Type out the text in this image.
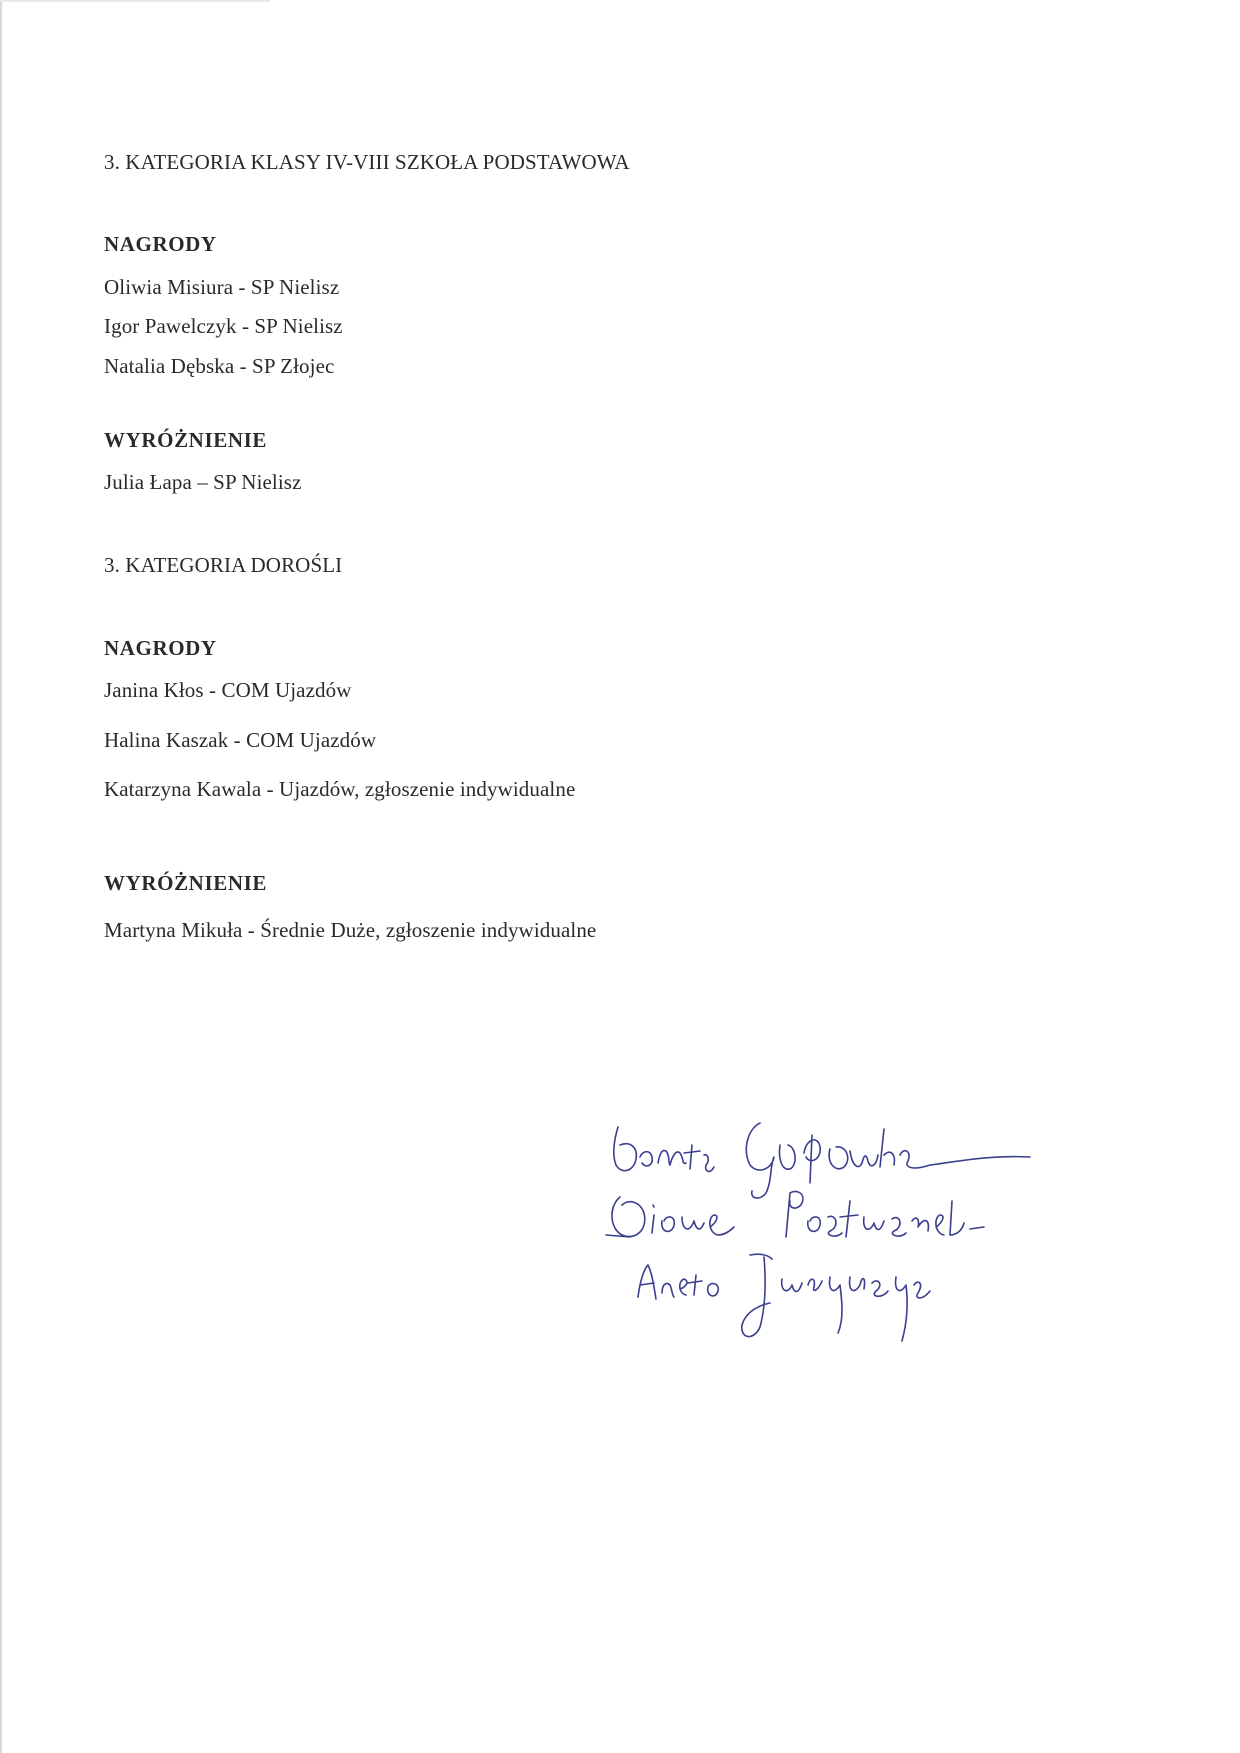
3. KATEGORIA KLASY IV-VIII SZKOŁA PODSTAWOWA
NAGRODY
Oliwia Misiura - SP Nielisz
Igor Pawelczyk - SP Nielisz
Natalia Dębska - SP Złojec
WYRÓŻNIENIE
Julia Łapa – SP Nielisz
3. KATEGORIA DOROŚLI
NAGRODY
Janina Kłos - COM Ujazdów
Halina Kaszak - COM Ujazdów
Katarzyna Kawala - Ujazdów, zgłoszenie indywidualne
WYRÓŻNIENIE
Martyna Mikuła - Średnie Duże, zgłoszenie indywidualne
